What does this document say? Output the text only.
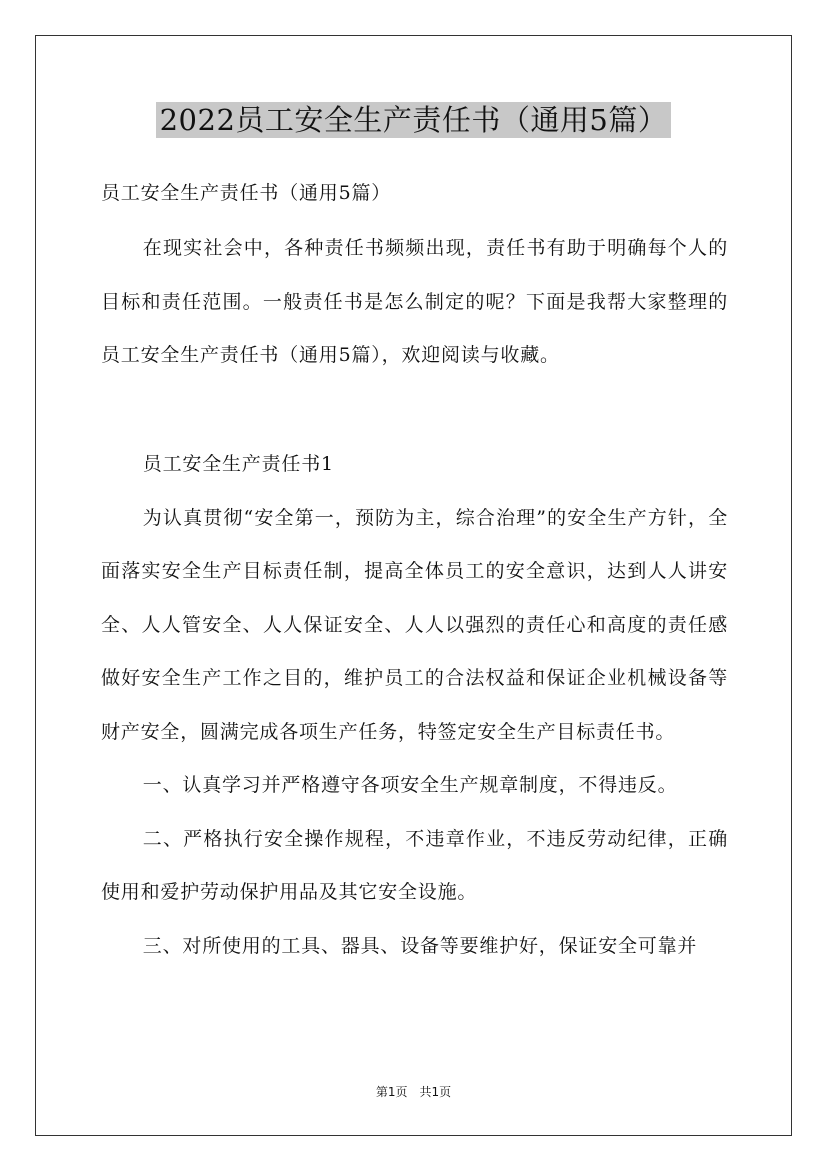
2022员工安全生产责任书（通用5篇）
员工安全生产责任书（通用5篇）

在现实社会中，各种责任书频频出现，责任书有助于明确每个人的目标和责任范围。一般责任书是怎么制定的呢？下面是我帮大家整理的员工安全生产责任书（通用5篇），欢迎阅读与收藏。

员工安全生产责任书1

为认真贯彻“安全第一，预防为主，综合治理”的安全生产方针，全面落实安全生产目标责任制，提高全体员工的安全意识，达到人人讲安全、人人管安全、人人保证安全、人人以强烈的责任心和高度的责任感做好安全生产工作之目的，维护员工的合法权益和保证企业机械设备等财产安全，圆满完成各项生产任务，特签定安全生产目标责任书。

一、认真学习并严格遵守各项安全生产规章制度，不得违反。

二、严格执行安全操作规程，不违章作业，不违反劳动纪律，正确使用和爱护劳动保护用品及其它安全设施。

三、对所使用的工具、器具、设备等要维护好，保证安全可靠并

第1页　共1页
